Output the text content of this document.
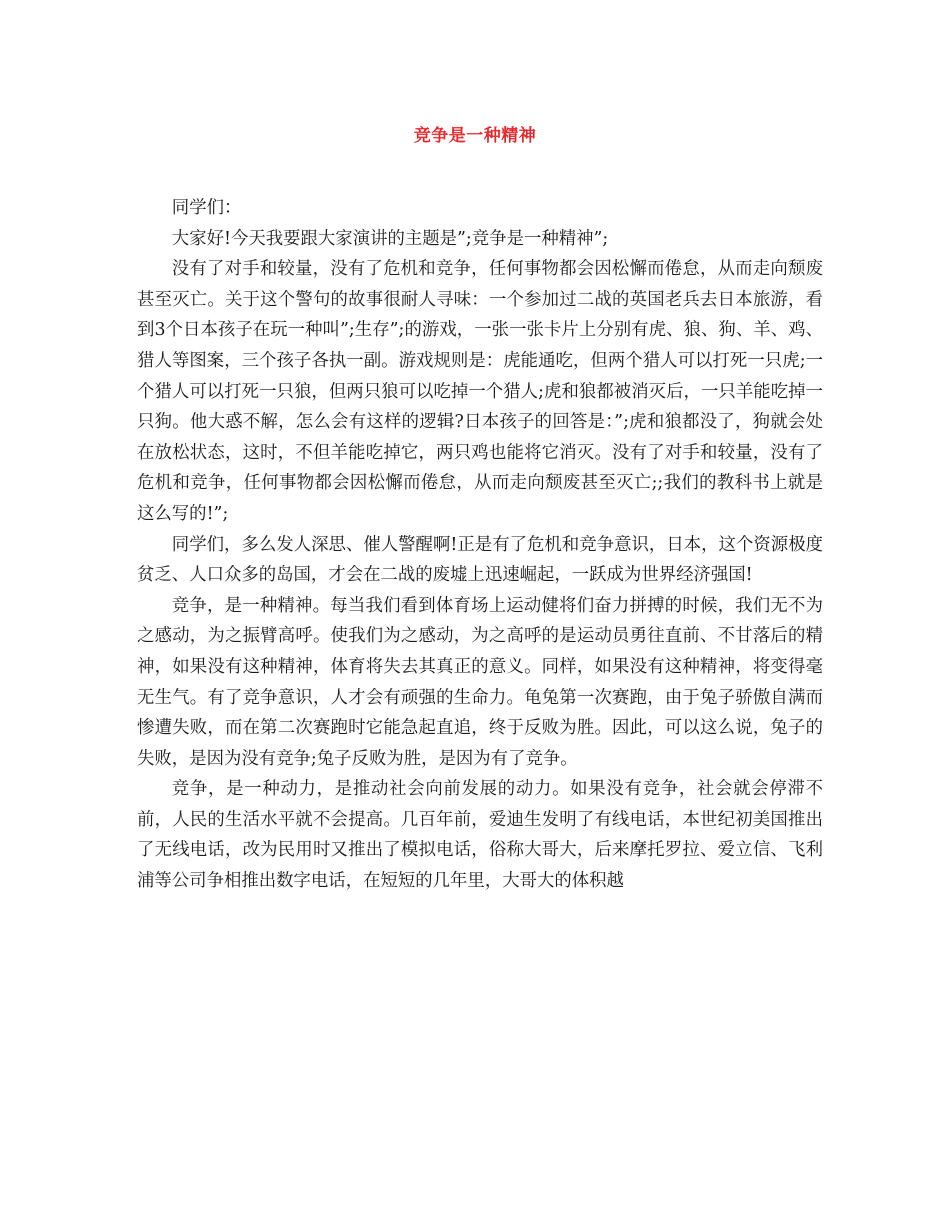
竞争是一种精神

同学们：

大家好!今天我要跟大家演讲的主题是”;竞争是一种精神”;

没有了对手和较量，没有了危机和竞争，任何事物都会因松懈而倦怠，从而走向颓废甚至灭亡。关于这个警句的故事很耐人寻味：一个参加过二战的英国老兵去日本旅游，看到3个日本孩子在玩一种叫”;生存”;的游戏，一张一张卡片上分别有虎、狼、狗、羊、鸡、猎人等图案，三个孩子各执一副。游戏规则是：虎能通吃，但两个猎人可以打死一只虎;一个猎人可以打死一只狼，但两只狼可以吃掉一个猎人;虎和狼都被消灭后，一只羊能吃掉一只狗。他大惑不解，怎么会有这样的逻辑?日本孩子的回答是：”;虎和狼都没了，狗就会处在放松状态，这时，不但羊能吃掉它，两只鸡也能将它消灭。没有了对手和较量，没有了危机和竞争，任何事物都会因松懈而倦怠，从而走向颓废甚至灭亡;;我们的教科书上就是这么写的!”;

同学们，多么发人深思、催人警醒啊!正是有了危机和竞争意识，日本，这个资源极度贫乏、人口众多的岛国，才会在二战的废墟上迅速崛起，一跃成为世界经济强国!

竞争，是一种精神。每当我们看到体育场上运动健将们奋力拼搏的时候，我们无不为之感动，为之振臂高呼。使我们为之感动，为之高呼的是运动员勇往直前、不甘落后的精神，如果没有这种精神，体育将失去其真正的意义。同样，如果没有这种精神，将变得毫无生气。有了竞争意识，人才会有顽强的生命力。龟兔第一次赛跑，由于兔子骄傲自满而惨遭失败，而在第二次赛跑时它能急起直追，终于反败为胜。因此，可以这么说，兔子的失败，是因为没有竞争;兔子反败为胜，是因为有了竞争。

竞争，是一种动力，是推动社会向前发展的动力。如果没有竞争，社会就会停滞不前，人民的生活水平就不会提高。几百年前，爱迪生发明了有线电话，本世纪初美国推出了无线电话，改为民用时又推出了模拟电话，俗称大哥大，后来摩托罗拉、爱立信、飞利浦等公司争相推出数字电话，在短短的几年里，大哥大的体积越
